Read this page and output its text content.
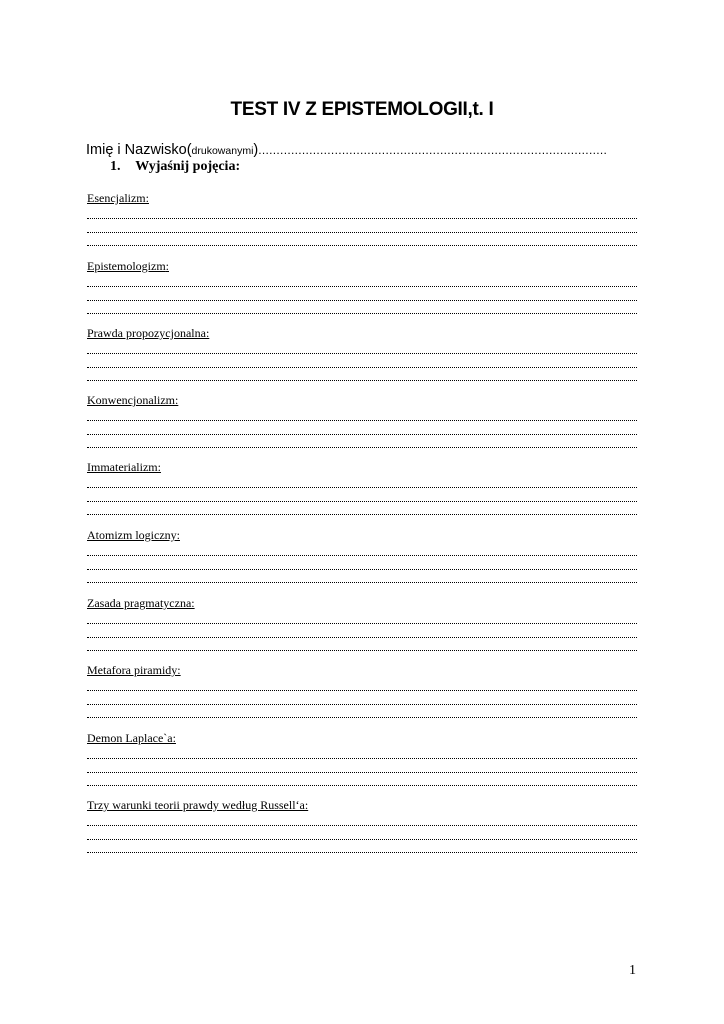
TEST IV Z EPISTEMOLOGII,t. I
Imię i Nazwisko(drukowanymi)................................................................................................
1. Wyjaśnij pojęcia:
Esencjalizm:
Epistemologizm:
Prawda propozycjonalna:
Konwencjonalizm:
Immaterializm:
Atomizm logiczny:
Zasada pragmatyczna:
Metafora piramidy:
Demon Laplace`a:
Trzy warunki teorii prawdy według Russell‘a:
1
